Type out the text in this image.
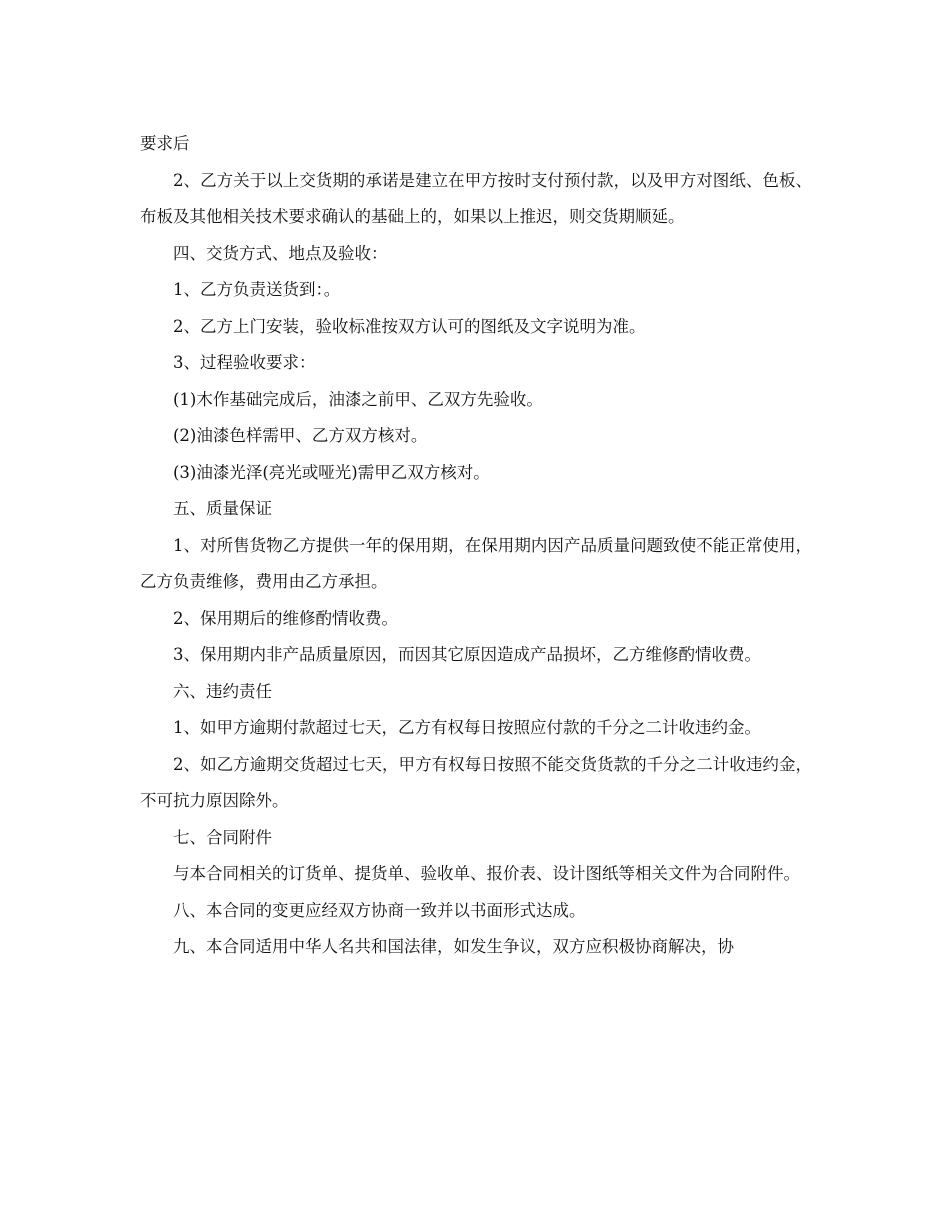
要求后

2、乙方关于以上交货期的承诺是建立在甲方按时支付预付款，以及甲方对图纸、色板、布板及其他相关技术要求确认的基础上的，如果以上推迟，则交货期顺延。

四、交货方式、地点及验收：

1、乙方负责送货到：。

2、乙方上门安装，验收标准按双方认可的图纸及文字说明为准。

3、过程验收要求：

(1)木作基础完成后，油漆之前甲、乙双方先验收。

(2)油漆色样需甲、乙方双方核对。

(3)油漆光泽(亮光或哑光)需甲乙双方核对。

五、质量保证

1、对所售货物乙方提供一年的保用期，在保用期内因产品质量问题致使不能正常使用，乙方负责维修，费用由乙方承担。

2、保用期后的维修酌情收费。

3、保用期内非产品质量原因，而因其它原因造成产品损坏，乙方维修酌情收费。

六、违约责任

1、如甲方逾期付款超过七天，乙方有权每日按照应付款的千分之二计收违约金。

2、如乙方逾期交货超过七天，甲方有权每日按照不能交货货款的千分之二计收违约金，不可抗力原因除外。

七、合同附件

与本合同相关的订货单、提货单、验收单、报价表、设计图纸等相关文件为合同附件。

八、本合同的变更应经双方协商一致并以书面形式达成。

九、本合同适用中华人名共和国法律，如发生争议，双方应积极协商解决，协
